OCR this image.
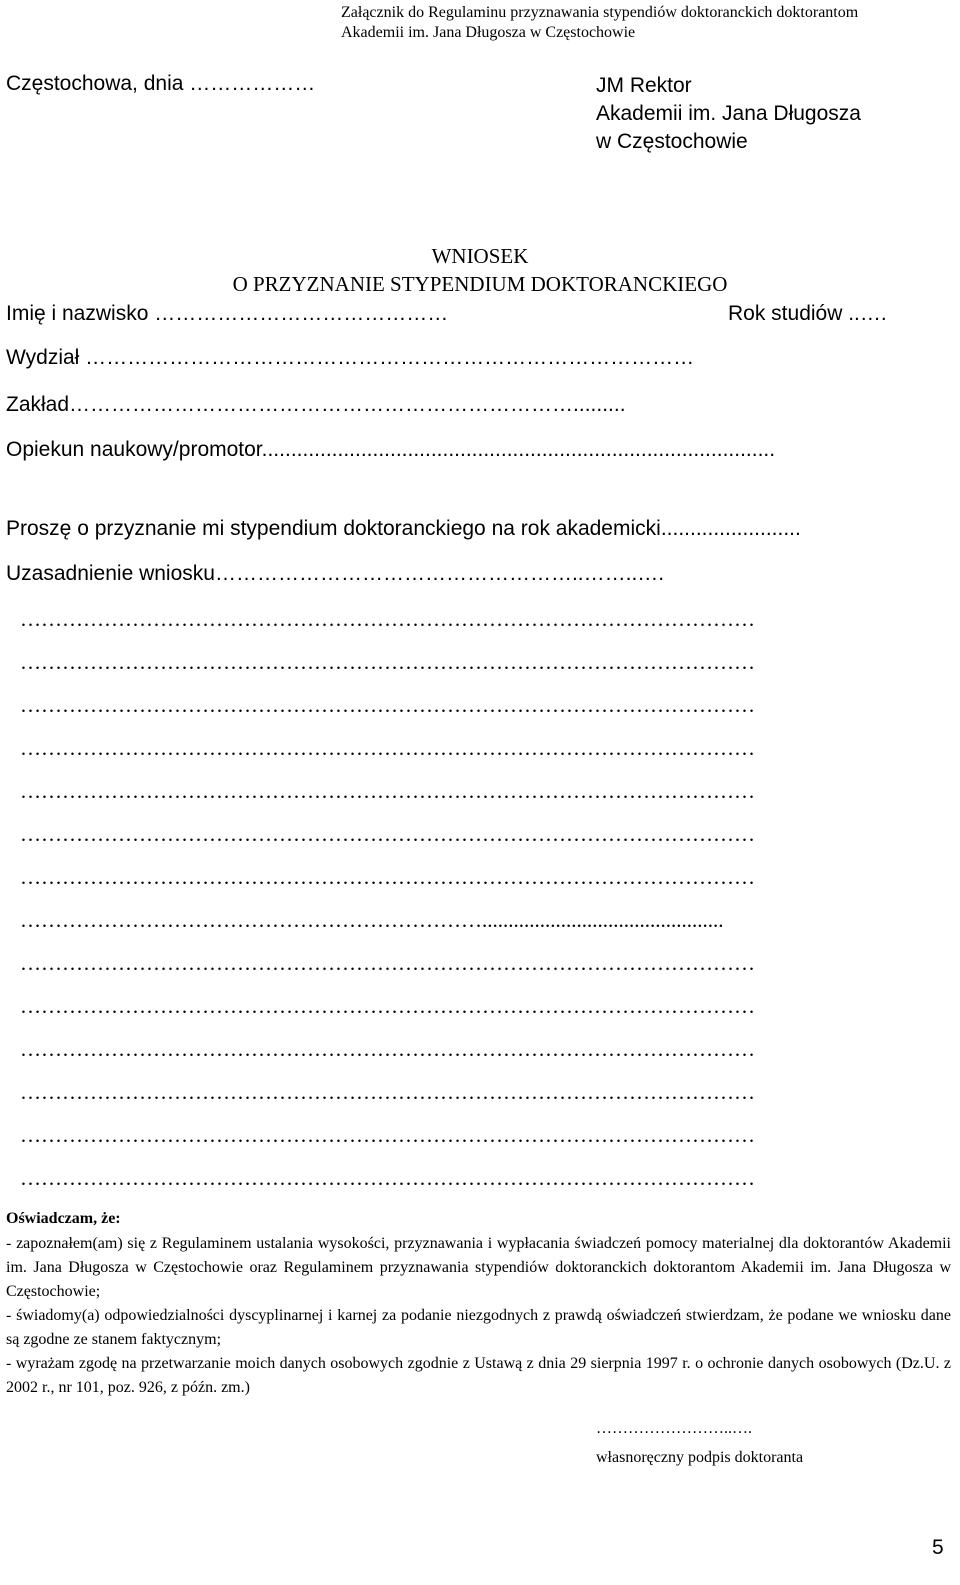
Załącznik do Regulaminu przyznawania stypendiów doktoranckich doktorantom
Akademii im. Jana Długosza w Częstochowie
Częstochowa, dnia ………………	JM Rektor
Akademii im. Jana Długosza
w Częstochowie
WNIOSEK
O PRZYZNANIE STYPENDIUM DOKTORANCKIEGO
Imię i nazwisko ……………………………………	Rok studiów ..….
Wydział ……………………………………………………………………………
Zakład……………………………………………………………….........
Opiekun naukowy/promotor........................................................................................
Proszę o przyznanie mi stypendium doktoranckiego na rok akademicki........................
Uzasadnienie wniosku……………………………………………..……..….
……………………………………………………………………………………………
……………………………………………………………………………………………
……………………………………………………………………………………………
……………………………………………………………………………………………
……………………………………………………………………………………………
……………………………………………………………………………………………
……………………………………………………………………………………………
…………………………………………………………..............................................
……………………………………………………………………………………………
……………………………………………………………………………………………
……………………………………………………………………………………………
……………………………………………………………………………………………
……………………………………………………………………………………………
……………………………………………………………………………………………
Oświadczam, że:

- zapoznałem(am) się z Regulaminem ustalania wysokości, przyznawania i wypłacania świadczeń pomocy materialnej dla doktorantów Akademii im. Jana Długosza w Częstochowie oraz Regulaminem przyznawania stypendiów doktoranckich doktorantom Akademii im. Jana Długosza w Częstochowie;

- świadomy(a) odpowiedzialności dyscyplinarnej i karnej za podanie niezgodnych z prawdą oświadczeń stwierdzam, że podane we wniosku dane są zgodne ze stanem faktycznym;

- wyrażam zgodę na przetwarzanie moich danych osobowych zgodnie z Ustawą z dnia 29 sierpnia 1997 r. o ochronie danych osobowych (Dz.U. z 2002 r., nr 101, poz. 926, z późn. zm.)

……………………..….
własnoręczny podpis doktoranta
5
